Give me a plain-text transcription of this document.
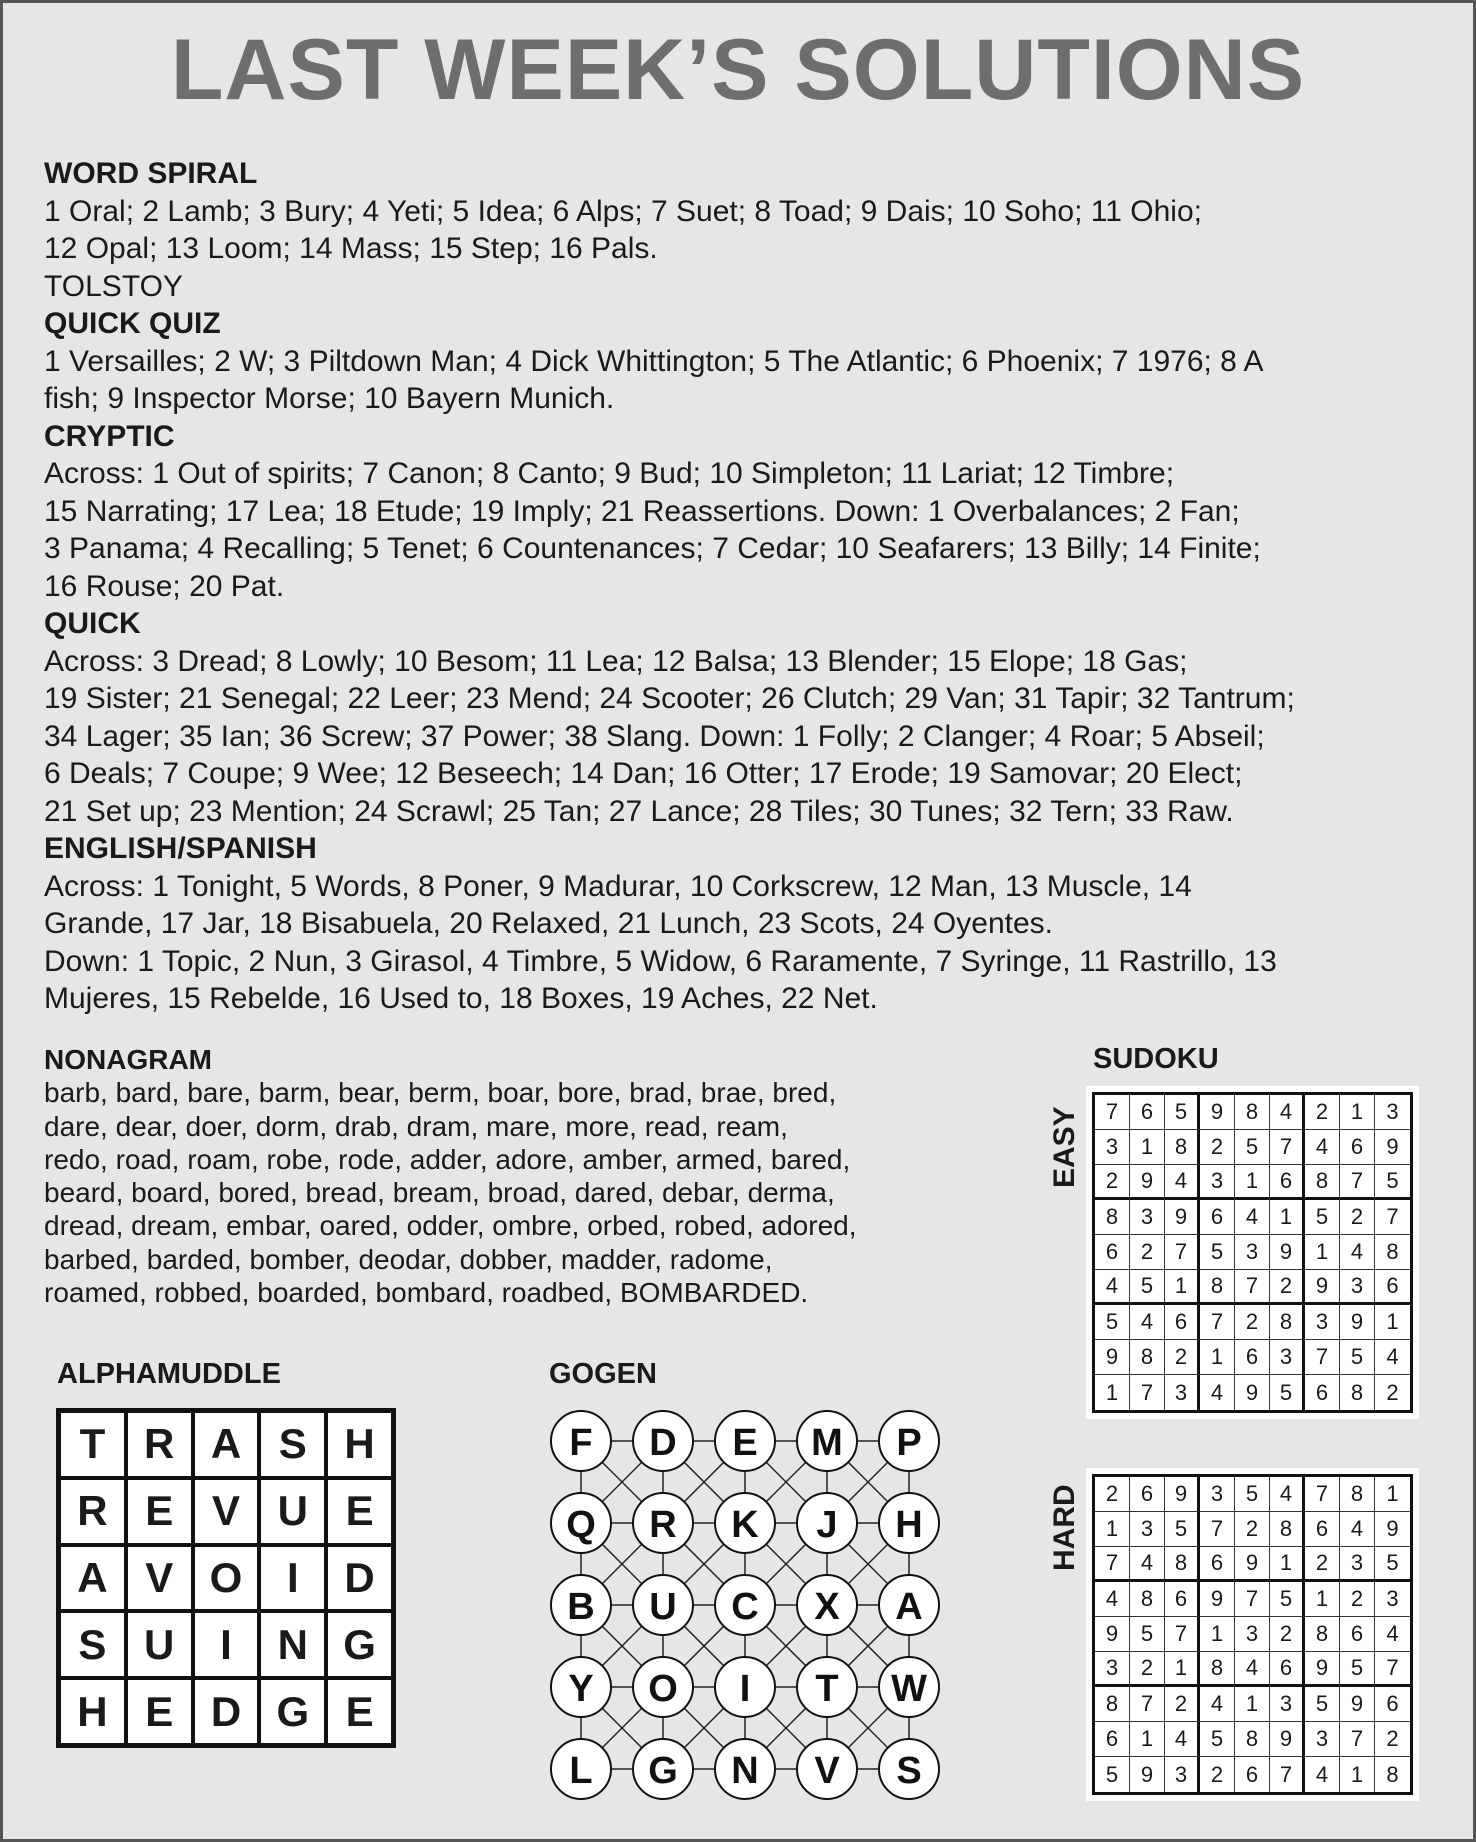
LAST WEEK’S SOLUTIONS
WORD SPIRAL

1 Oral; 2 Lamb; 3 Bury; 4 Yeti; 5 Idea; 6 Alps; 7 Suet; 8 Toad; 9 Dais; 10 Soho; 11 Ohio;

12 Opal; 13 Loom; 14 Mass; 15 Step; 16 Pals.

TOLSTOY

QUICK QUIZ

1 Versailles; 2 W; 3 Piltdown Man; 4 Dick Whittington; 5 The Atlantic; 6 Phoenix; 7 1976; 8 A

fish; 9 Inspector Morse; 10 Bayern Munich.

CRYPTIC

Across: 1 Out of spirits; 7 Canon; 8 Canto; 9 Bud; 10 Simpleton; 11 Lariat; 12 Timbre;

15 Narrating; 17 Lea; 18 Etude; 19 Imply; 21 Reassertions. Down: 1 Overbalances; 2 Fan;

3 Panama; 4 Recalling; 5 Tenet; 6 Countenances; 7 Cedar; 10 Seafarers; 13 Billy; 14 Finite;

16 Rouse; 20 Pat.

QUICK

Across: 3 Dread; 8 Lowly; 10 Besom; 11 Lea; 12 Balsa; 13 Blender; 15 Elope; 18 Gas;

19 Sister; 21 Senegal; 22 Leer; 23 Mend; 24 Scooter; 26 Clutch; 29 Van; 31 Tapir; 32 Tantrum;

34 Lager; 35 Ian; 36 Screw; 37 Power; 38 Slang. Down: 1 Folly; 2 Clanger; 4 Roar; 5 Abseil;

6 Deals; 7 Coupe; 9 Wee; 12 Beseech; 14 Dan; 16 Otter; 17 Erode; 19 Samovar; 20 Elect;

21 Set up; 23 Mention; 24 Scrawl; 25 Tan; 27 Lance; 28 Tiles; 30 Tunes; 32 Tern; 33 Raw.

ENGLISH/SPANISH

Across: 1 Tonight, 5 Words, 8 Poner, 9 Madurar, 10 Corkscrew, 12 Man, 13 Muscle, 14

Grande, 17 Jar, 18 Bisabuela, 20 Relaxed, 21 Lunch, 23 Scots, 24 Oyentes.

Down: 1 Topic, 2 Nun, 3 Girasol, 4 Timbre, 5 Widow, 6 Raramente, 7 Syringe, 11 Rastrillo, 13

Mujeres, 15 Rebelde, 16 Used to, 18 Boxes, 19 Aches, 22 Net.

NONAGRAM

barb, bard, bare, barm, bear, berm, boar, bore, brad, brae, bred,
dare, dear, doer, dorm, drab, dram, mare, more, read, ream,
redo, road, roam, robe, rode, adder, adore, amber, armed, bared,
beard, board, bored, bread, bream, broad, dared, debar, derma,
dread, dream, embar, oared, odder, ombre, orbed, robed, adored,
barbed, barded, bomber, deodar, dobber, madder, radome,
roamed, robbed, boarded, bombard, roadbed, BOMBARDED.

ALPHAMUDDLE
T R A S H
R E V U E
A V O	I	D
S U	I	N G
H E D G E
GOGEN
F D E M P
Q R K J H
B U C X A
Y O I T W
L G N V S
SUDOKU
EASY	7	6 5	9	8 4	2	1	3
3	1 8	2	5 7	4	6	9
2	9 4	3	1 6	8	7	5
8	3 9	6	4 1	5	2	7
6	2 7	5	3 9	1	4	8
4	5 1	8	7 2	9	3	6
5	4 6	7	2 8	3	9	1
9	8 2	1	6 3	7	5	4
1	7 3	4	9 5	6	8	2
HARD	2	6 9	3	5 4	7	8	1
1	3 5	7	2 8	6	4	9
7	4 8	6	9 1	2	3	5
4	8 6	9	7 5	1	2	3
9	5 7	1	3 2	8	6	4
3	2 1	8	4 6	9	5	7
8	7 2	4	1 3	5	9	6
6	1 4	5	8 9	3	7	2
5	9 3	2	6 7	4	1	8
